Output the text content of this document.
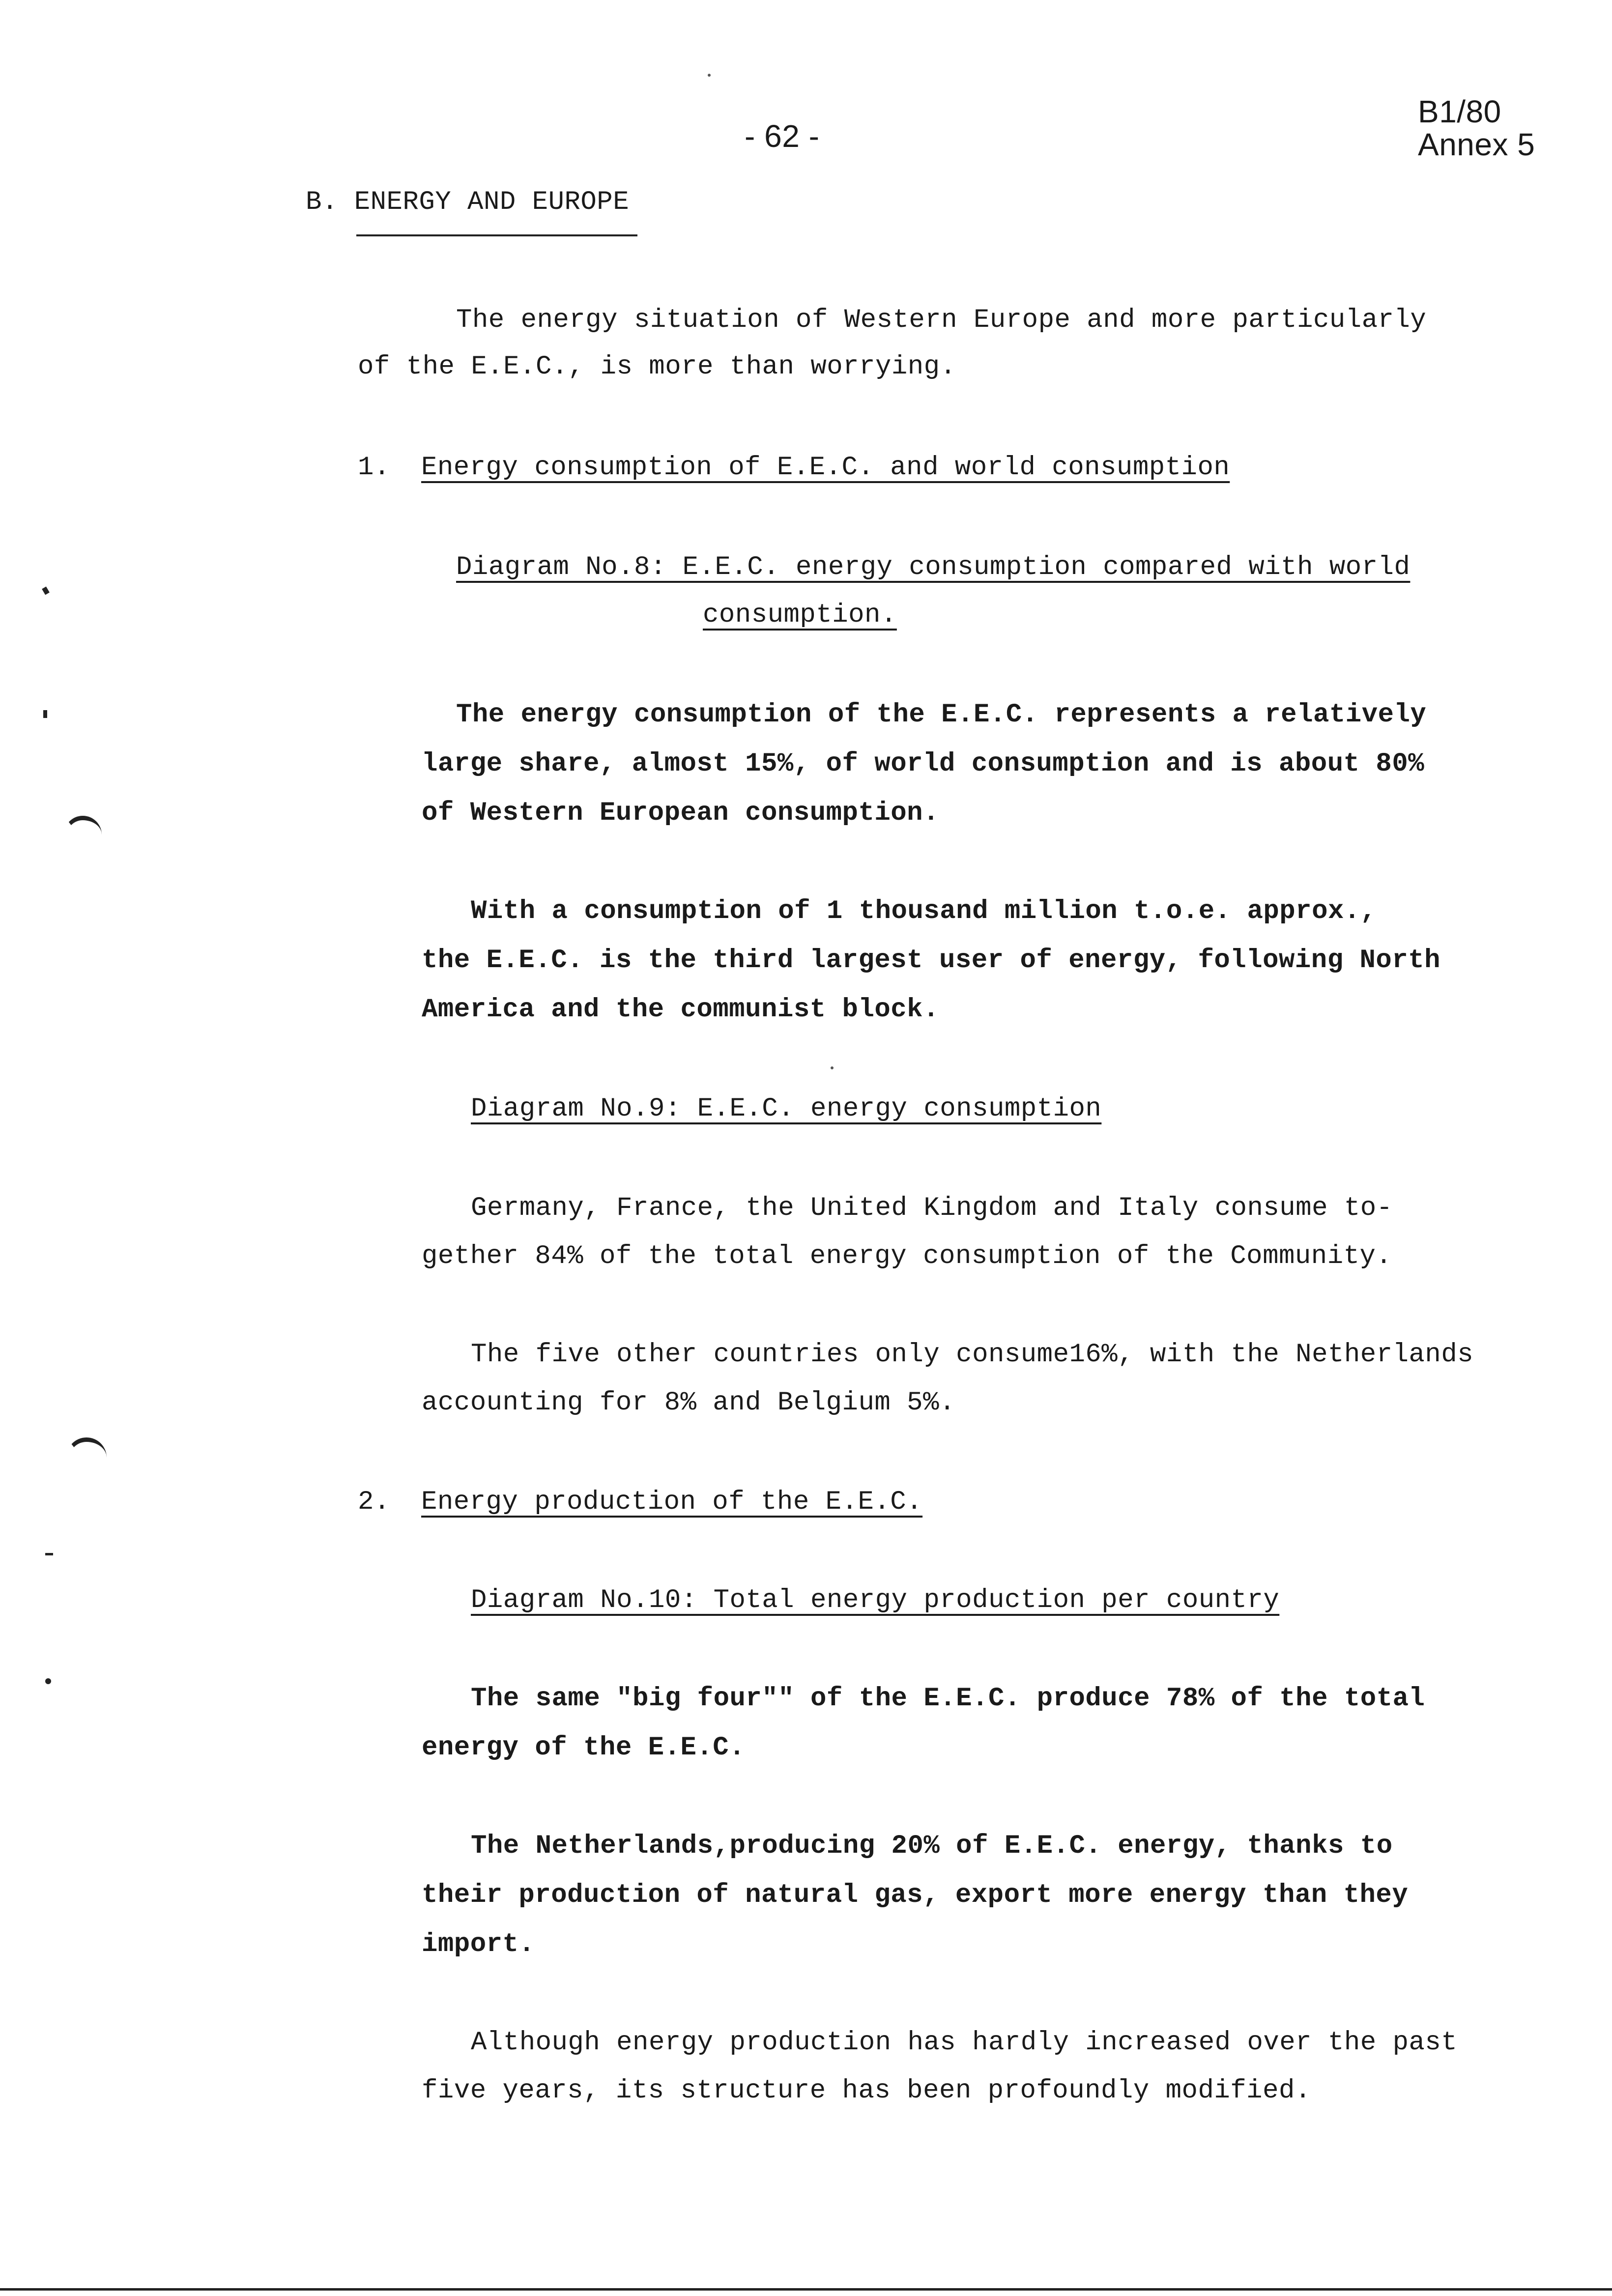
- 62 -
B1/80
Annex 5
B. ENERGY AND EUROPE
The energy situation of Western Europe and more particularly
of the E.E.C., is more than worrying.
1. Energy consumption of E.E.C. and world consumption
Diagram No.8: E.E.C. energy consumption compared with world
consumption.
The energy consumption of the E.E.C. represents a relatively
large share, almost 15%, of world consumption and is about 80%
of Western European consumption.
With a consumption of 1 thousand million t.o.e. approx.,
the E.E.C. is the third largest user of energy, following North
America and the communist block.
Diagram No.9: E.E.C. energy consumption
Germany, France, the United Kingdom and Italy consume to-
gether 84% of the total energy consumption of the Community.
The five other countries only consume16%, with the Netherlands
accounting for 8% and Belgium 5%.
2. Energy production of the E.E.C.
Diagram No.10: Total energy production per country
The same "big four"" of the E.E.C. produce 78% of the total
energy of the E.E.C.
The Netherlands,producing 20% of E.E.C. energy, thanks to
their production of natural gas, export more energy than they
import.
Although energy production has hardly increased over the past
five years, its structure has been profoundly modified.
